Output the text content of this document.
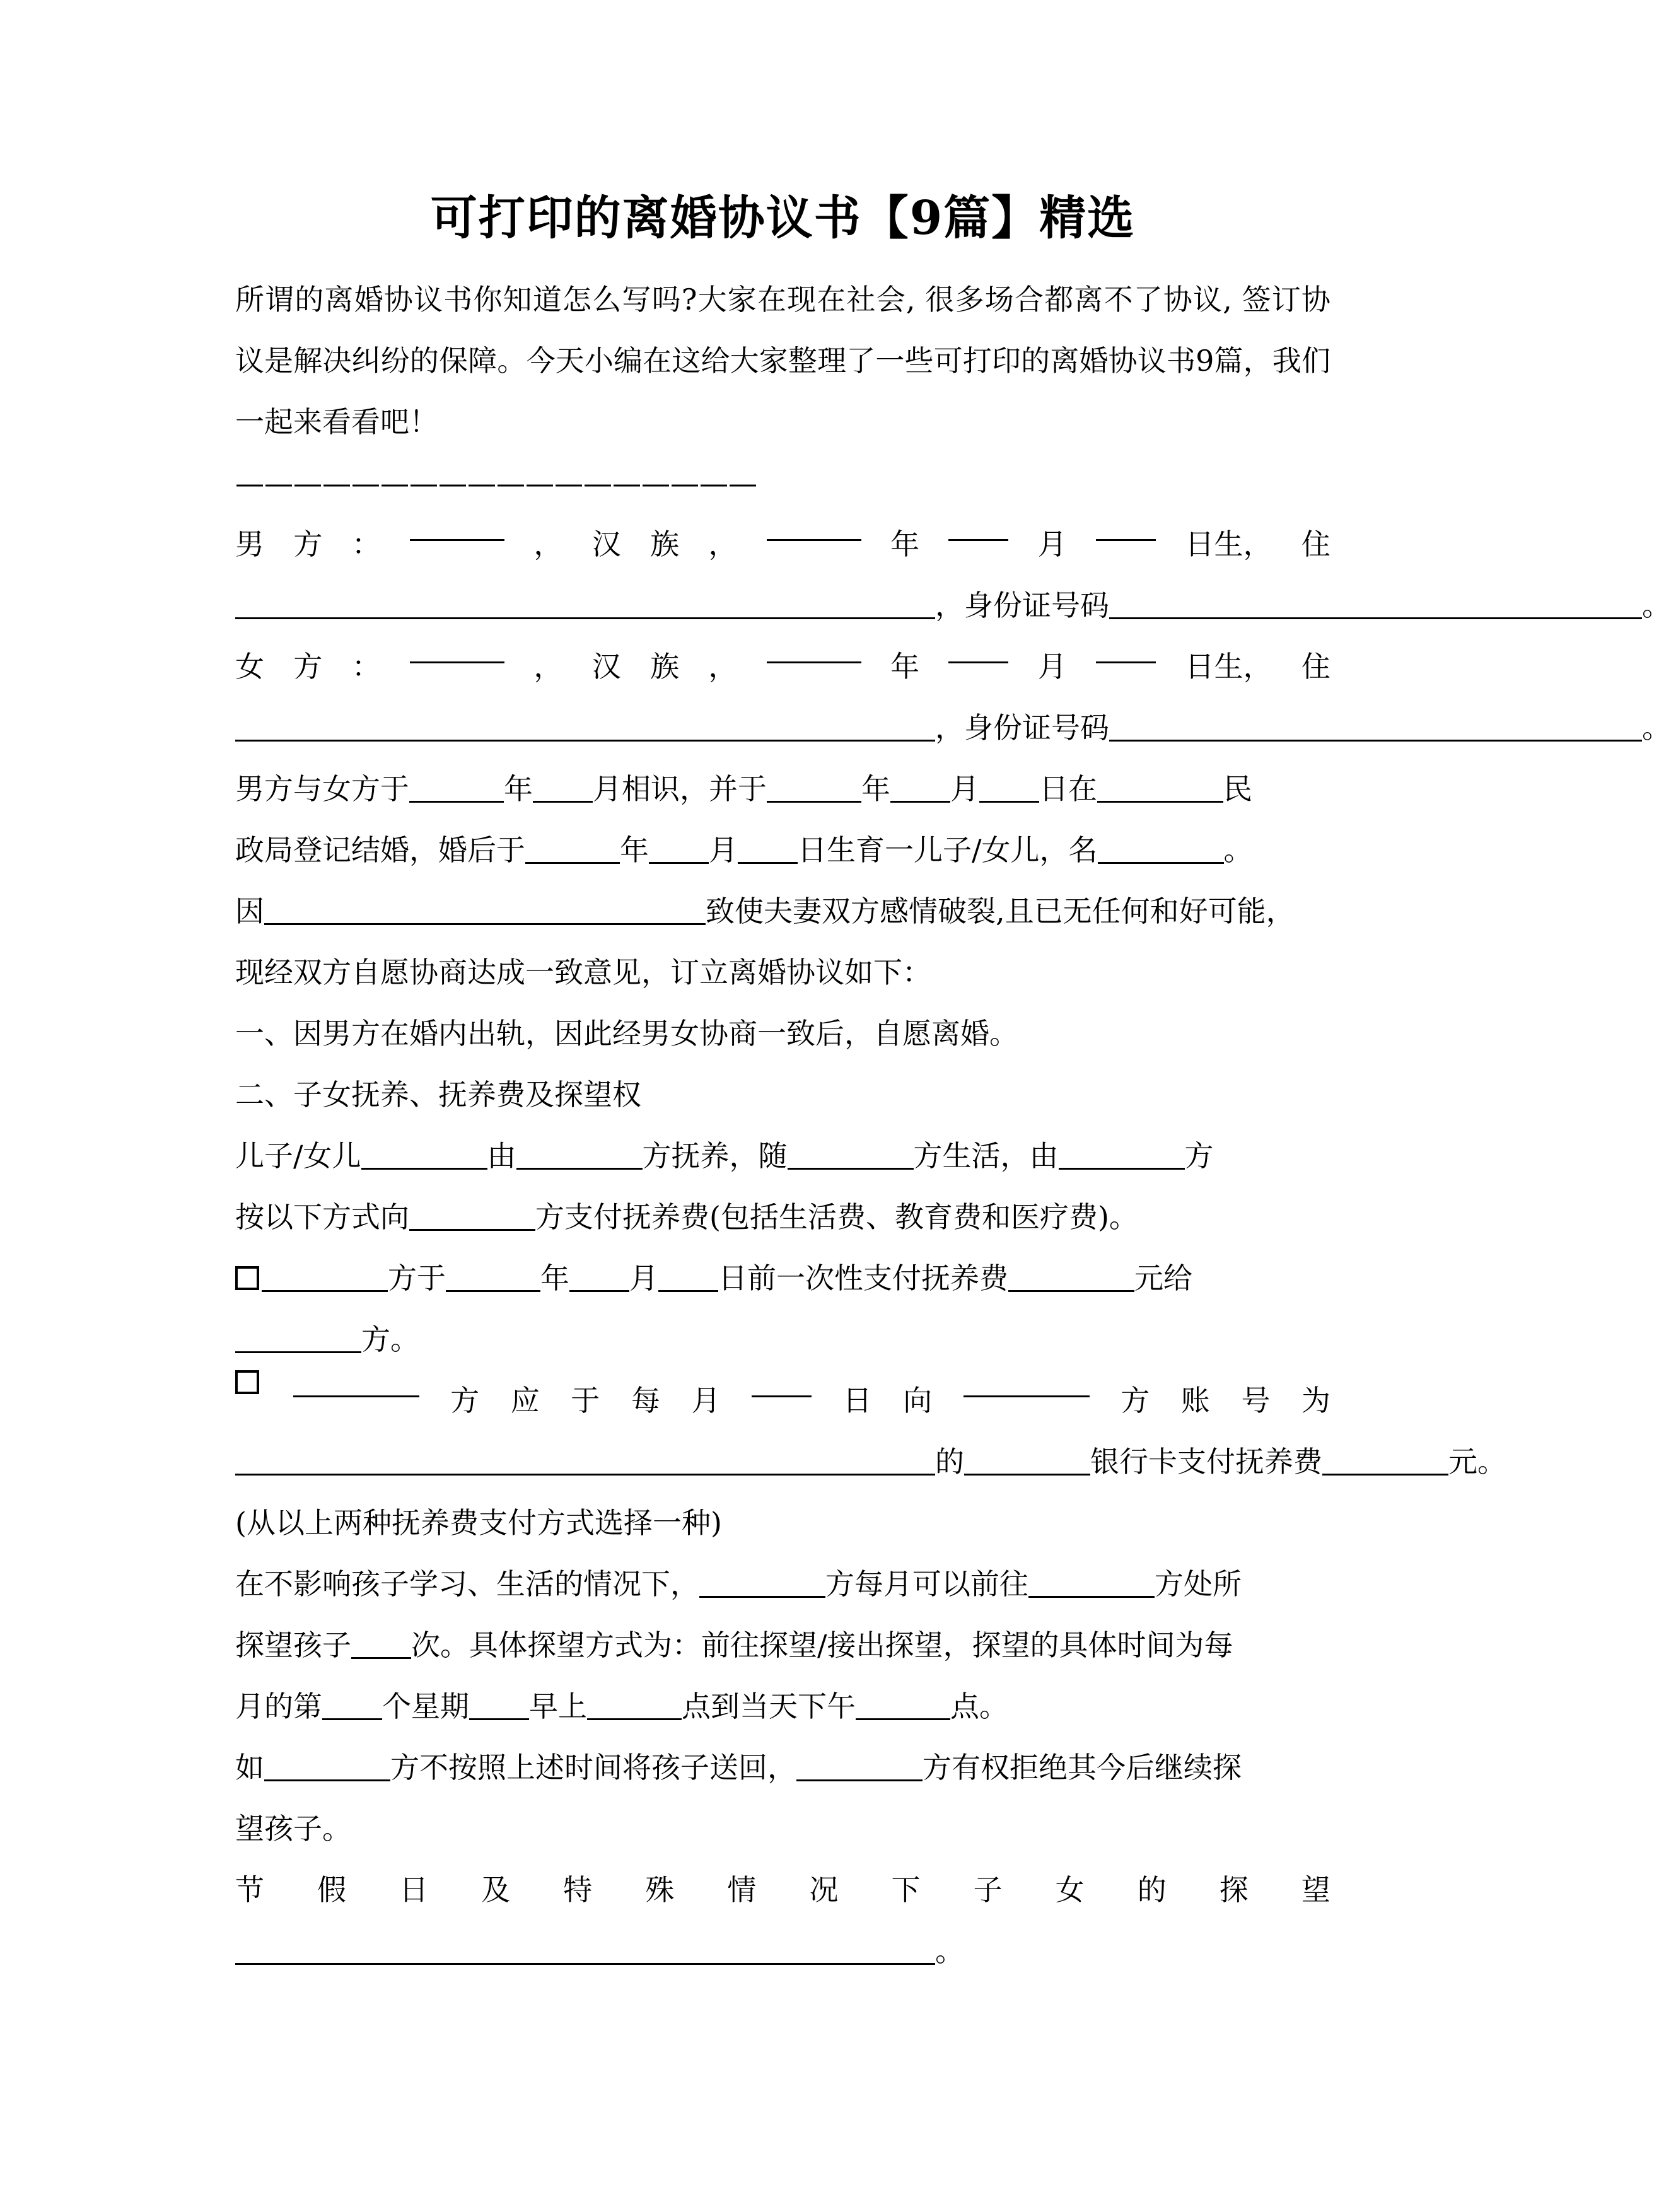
可打印的离婚协议书【9篇】精选

所谓的离婚协议书你知道怎么写吗?大家在现在社会, 很多场合都离不了协议, 签订协议是解决纠纷的保障。今天小编在这给大家整理了一些可打印的离婚协议书9篇，我们一起来看看吧！

——————————————————

男 方 ：	， 汉 族 ，	年	月	日生， 住

，身份证号码	。

女 方 ：	， 汉 族 ，	年	月	日生， 住

，身份证号码	。

男方与女方于	年 月相识，并于	年 月 日在	民

政局登记结婚，婚后于	年 月 日生育一儿子/女儿，名	。

因	致使夫妻双方感情破裂,且已无任何和好可能，

现经双方自愿协商达成一致意见，订立离婚协议如下：

一、因男方在婚内出轨，因此经男女协商一致后，自愿离婚。

二、子女抚养、抚养费及探望权

儿子/女儿	由	方抚养，随	方生活，由	方

按以下方式向	方支付抚养费(包括生活费、教育费和医疗费)。

方于	年 月 日前一次性支付抚养费	元给

方。

方 应 于 每 月	日 向	方 账 号 为

的	银行卡支付抚养费	元。

(从以上两种抚养费支付方式选择一种)

在不影响孩子学习、生活的情况下，	方每月可以前往	方处所

探望孩子 次。具体探望方式为：前往探望/接出探望，探望的具体时间为每

月的第 个星期 早上	点到当天下午	点。

如	方不按照上述时间将孩子送回，	方有权拒绝其今后继续探

望孩子。

节 假 日 及 特 殊 情 况 下 子 女 的 探 望

。
